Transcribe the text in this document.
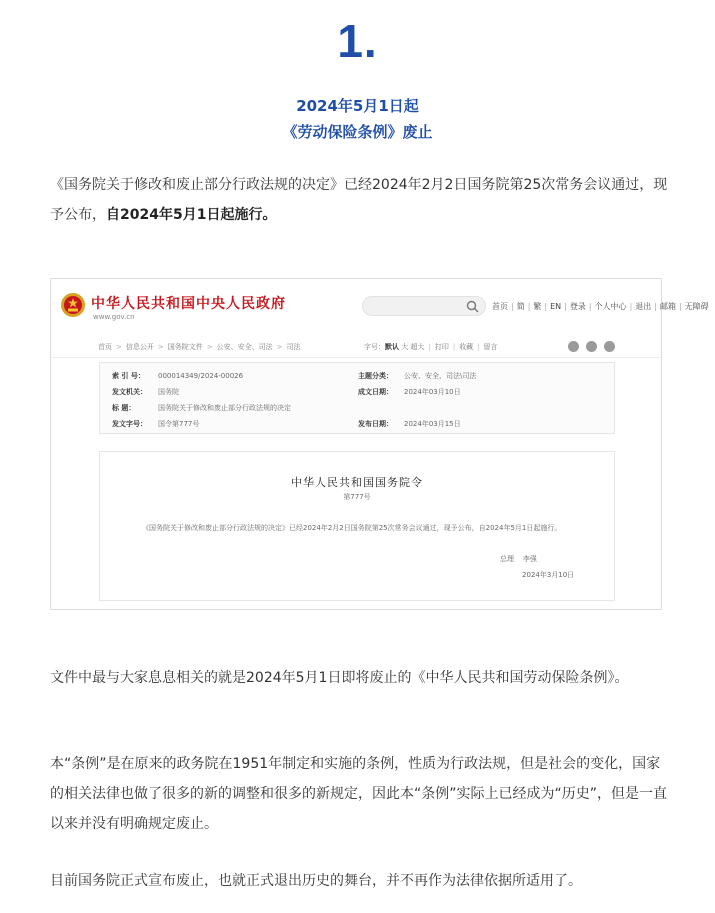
1.
2024年5月1日起
《劳动保险条例》废止

《国务院关于修改和废止部分行政法规的决定》已经2024年2月2日国务院第25次常务会议通过，现予公布，自2024年5月1日起施行。

中华人民共和国中央人民政府
www.gov.cn
首页 | 简 | 繁 | EN | 登录 | 个人中心 | 退出 | 邮箱 | 无障碍
首页 > 信息公开 > 国务院文件 > 公安、安全、司法 > 司法	字号：默认 大 超大 | 打印 | 收藏 | 留言
索 引 号： 000014349/2024-00026	主题分类： 公安、安全、司法\司法
发文机关： 国务院	成文日期： 2024年03月10日
标 题：	国务院关于修改和废止部分行政法规的决定
发文字号： 国令第777号	发布日期： 2024年03月15日
中华人民共和国国务院令
第777号
《国务院关于修改和废止部分行政法规的决定》已经2024年2月2日国务院第25次常务会议通过，现予公布，自2024年5月1日起施行。
总理 李强
2024年3月10日

文件中最与大家息息相关的就是2024年5月1日即将废止的《中华人民共和国劳动保险条例》。

本“条例”是在原来的政务院在1951年制定和实施的条例，性质为行政法规，但是社会的变化，国家的相关法律也做了很多的新的调整和很多的新规定，因此本“条例”实际上已经成为“历史”，但是一直以来并没有明确规定废止。

目前国务院正式宣布废止，也就正式退出历史的舞台，并不再作为法律依据所适用了。
